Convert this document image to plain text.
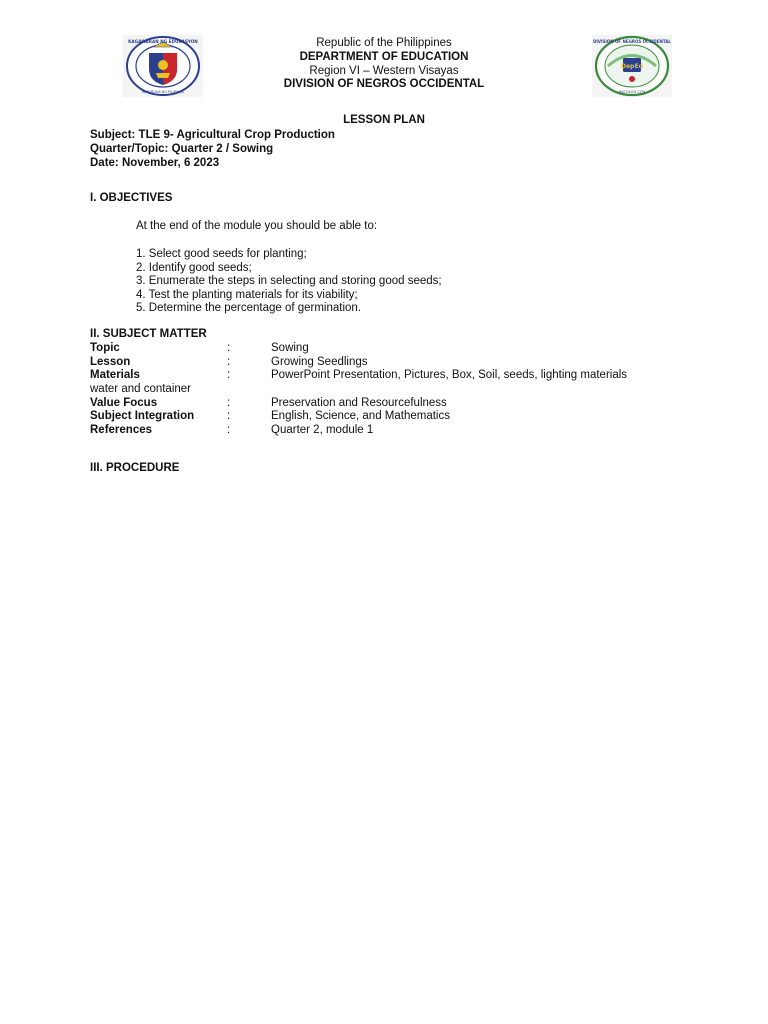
KAGAWARAN NG EDUKASYON
REPUBLIKA NG PILIPINAS
DepEd
DIVISION OF NEGROS OCCIDENTAL
BACOLOD CITY
Republic of the Philippines
DEPARTMENT OF EDUCATION
Region VI – Western Visayas
DIVISION OF NEGROS OCCIDENTAL
LESSON PLAN
Subject: TLE 9- Agricultural Crop Production
Quarter/Topic: Quarter 2 / Sowing
Date: November, 6 2023
I. OBJECTIVES
At the end of the module you should be able to:
1. Select good seeds for planting;
2. Identify good seeds;
3. Enumerate the steps in selecting and storing good seeds;
4. Test the planting materials for its viability;
5. Determine the percentage of germination.
II. SUBJECT MATTER
Topic	:	Sowing
Lesson	:	Growing Seedlings
Materials	:	PowerPoint Presentation, Pictures, Box, Soil, seeds, lighting materials
water and container
Value Focus	:	Preservation and Resourcefulness
Subject Integration	:	English, Science, and Mathematics
References	:	Quarter 2, module 1
III. PROCEDURE
